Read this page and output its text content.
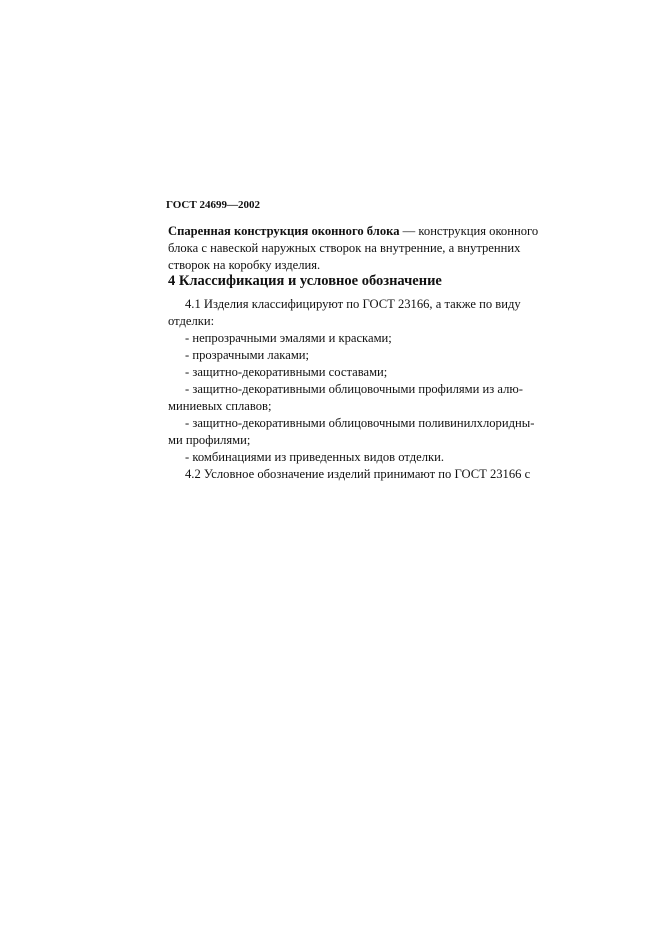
ГОСТ 24699—2002
Спаренная конструкция оконного блока — конструкция оконного
блока с навеской наружных створок на внутренние, а внутренних
створок на коробку изделия.
4 Классификация и условное обозначение
4.1 Изделия классифицируют по ГОСТ 23166, а также по виду
отделки:
- непрозрачными эмалями и красками;
- прозрачными лаками;
- защитно-декоративными составами;
- защитно-декоративными облицовочными профилями из алю-
миниевых сплавов;
- защитно-декоративными облицовочными поливинилхлоридны-
ми профилями;
- комбинациями из приведенных видов отделки.
4.2 Условное обозначение изделий принимают по ГОСТ 23166 с
